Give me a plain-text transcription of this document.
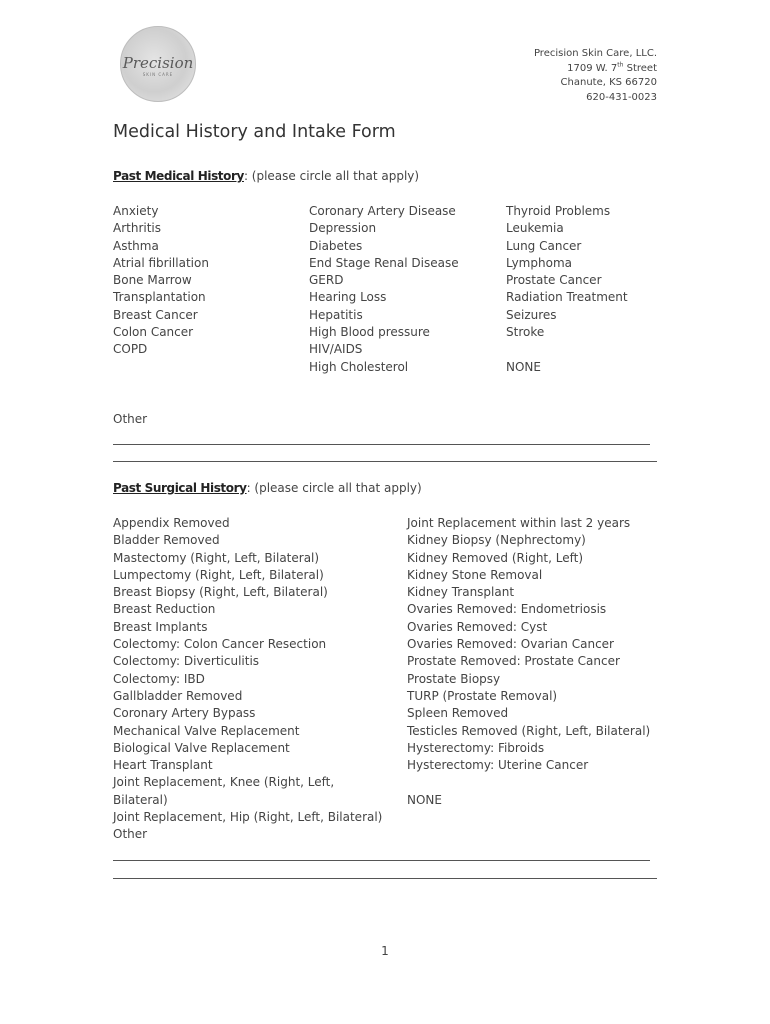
Precision
SKIN CARE
Precision Skin Care, LLC.
1709 W. 7th Street
Chanute, KS 66720
620-431-0023
Medical History and Intake Form
Past Medical History: (please circle all that apply)
Anxiety
Arthritis
Asthma
Atrial fibrillation
Bone Marrow
Transplantation
Breast Cancer
Colon Cancer
COPD
Coronary Artery Disease
Depression
Diabetes
End Stage Renal Disease
GERD
Hearing Loss
Hepatitis
High Blood pressure
HIV/AIDS
High Cholesterol
Thyroid Problems
Leukemia
Lung Cancer
Lymphoma
Prostate Cancer
Radiation Treatment
Seizures
Stroke
NONE
Other
Past Surgical History: (please circle all that apply)
Appendix Removed
Bladder Removed
Mastectomy (Right, Left, Bilateral)
Lumpectomy (Right, Left, Bilateral)
Breast Biopsy (Right, Left, Bilateral)
Breast Reduction
Breast Implants
Colectomy: Colon Cancer Resection
Colectomy: Diverticulitis
Colectomy: IBD
Gallbladder Removed
Coronary Artery Bypass
Mechanical Valve Replacement
Biological Valve Replacement
Heart Transplant
Joint Replacement, Knee (Right, Left,
Bilateral)
Joint Replacement, Hip (Right, Left, Bilateral)
Other
Joint Replacement within last 2 years
Kidney Biopsy (Nephrectomy)
Kidney Removed (Right, Left)
Kidney Stone Removal
Kidney Transplant
Ovaries Removed: Endometriosis
Ovaries Removed: Cyst
Ovaries Removed: Ovarian Cancer
Prostate Removed: Prostate Cancer
Prostate Biopsy
TURP (Prostate Removal)
Spleen Removed
Testicles Removed (Right, Left, Bilateral)
Hysterectomy: Fibroids
Hysterectomy: Uterine Cancer
NONE
1
